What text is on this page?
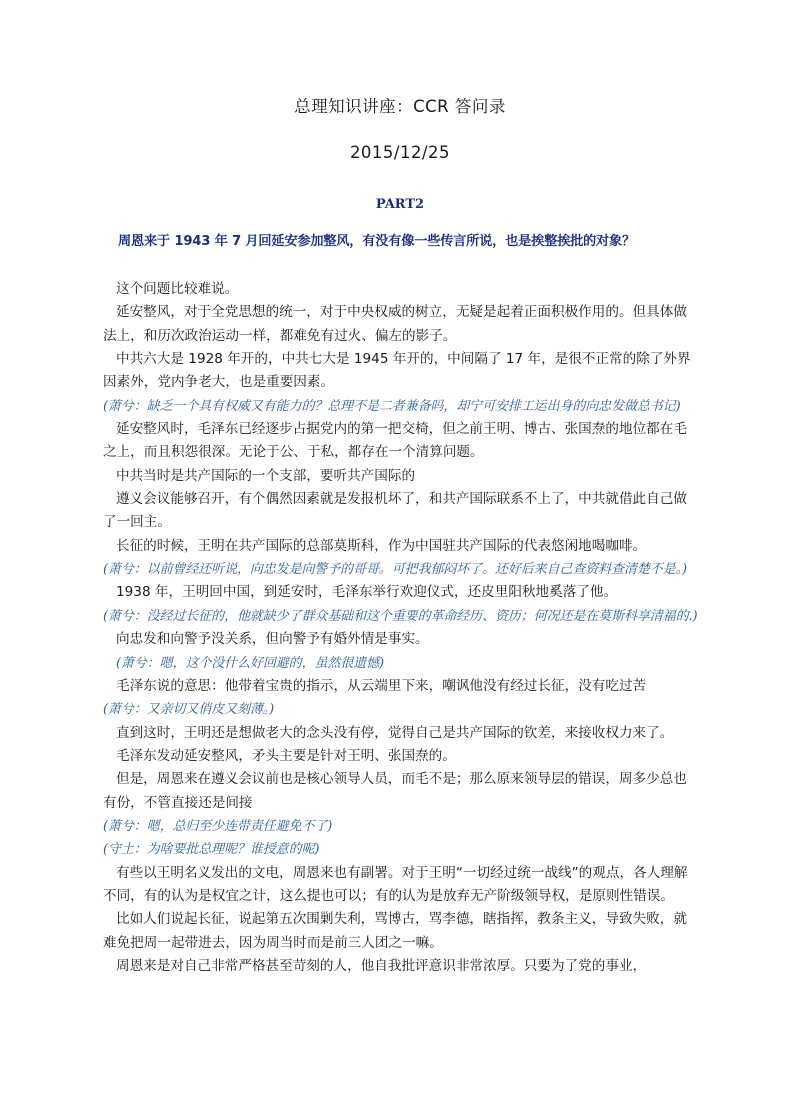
总理知识讲座：CCR 答问录
2015/12/25
PART2
周恩来于 1943 年 7 月回延安参加整风，有没有像一些传言所说，也是挨整挨批的对象？

这个问题比较难说。

延安整风，对于全党思想的统一，对于中央权威的树立，无疑是起着正面积极作用的。但具体做法上，和历次政治运动一样，都难免有过火、偏左的影子。

中共六大是 1928 年开的，中共七大是 1945 年开的，中间隔了 17 年，是很不正常的除了外界因素外，党内争老大，也是重要因素。

(萧兮：缺乏一个具有权威又有能力的？总理不是二者兼备吗，却宁可安排工运出身的向忠发做总书记)

延安整风时，毛泽东已经逐步占据党内的第一把交椅，但之前王明、博古、张国焘的地位都在毛之上，而且积怨很深。无论于公、于私，都存在一个清算问题。

中共当时是共产国际的一个支部，要听共产国际的

遵义会议能够召开，有个偶然因素就是发报机坏了，和共产国际联系不上了，中共就借此自己做了一回主。

长征的时候，王明在共产国际的总部莫斯科，作为中国驻共产国际的代表悠闲地喝咖啡。

(萧兮：以前曾经还听说，向忠发是向警予的哥哥。可把我郁闷坏了。还好后来自己查资料查清楚不是。)

1938 年，王明回中国，到延安时，毛泽东举行欢迎仪式，还皮里阳秋地奚落了他。

(萧兮：没经过长征的，他就缺少了群众基础和这个重要的革命经历、资历；何况还是在莫斯科享清福的.)

向忠发和向警予没关系，但向警予有婚外情是事实。

(萧兮：嗯，这个没什么好回避的，虽然很遗憾)

毛泽东说的意思：他带着宝贵的指示，从云端里下来，嘲讽他没有经过长征，没有吃过苦

(萧兮：又亲切又俏皮又刻薄。)

直到这时，王明还是想做老大的念头没有停，觉得自己是共产国际的钦差，来接收权力来了。

毛泽东发动延安整风，矛头主要是针对王明、张国焘的。

但是，周恩来在遵义会议前也是核心领导人员，而毛不是；那么原来领导层的错误，周多少总也有份，不管直接还是间接

(萧兮：嗯，总归至少连带责任避免不了)

(守土：为啥要批总理呢？谁授意的呢)

有些以王明名义发出的文电，周恩来也有副署。对于王明“一切经过统一战线”的观点，各人理解不同，有的认为是权宜之计，这么提也可以；有的认为是放弃无产阶级领导权，是原则性错误。

比如人们说起长征，说起第五次围剿失利，骂博古，骂李德，瞎指挥，教条主义，导致失败，就难免把周一起带进去，因为周当时而是前三人团之一嘛。

周恩来是对自己非常严格甚至苛刻的人，他自我批评意识非常浓厚。只要为了党的事业，
